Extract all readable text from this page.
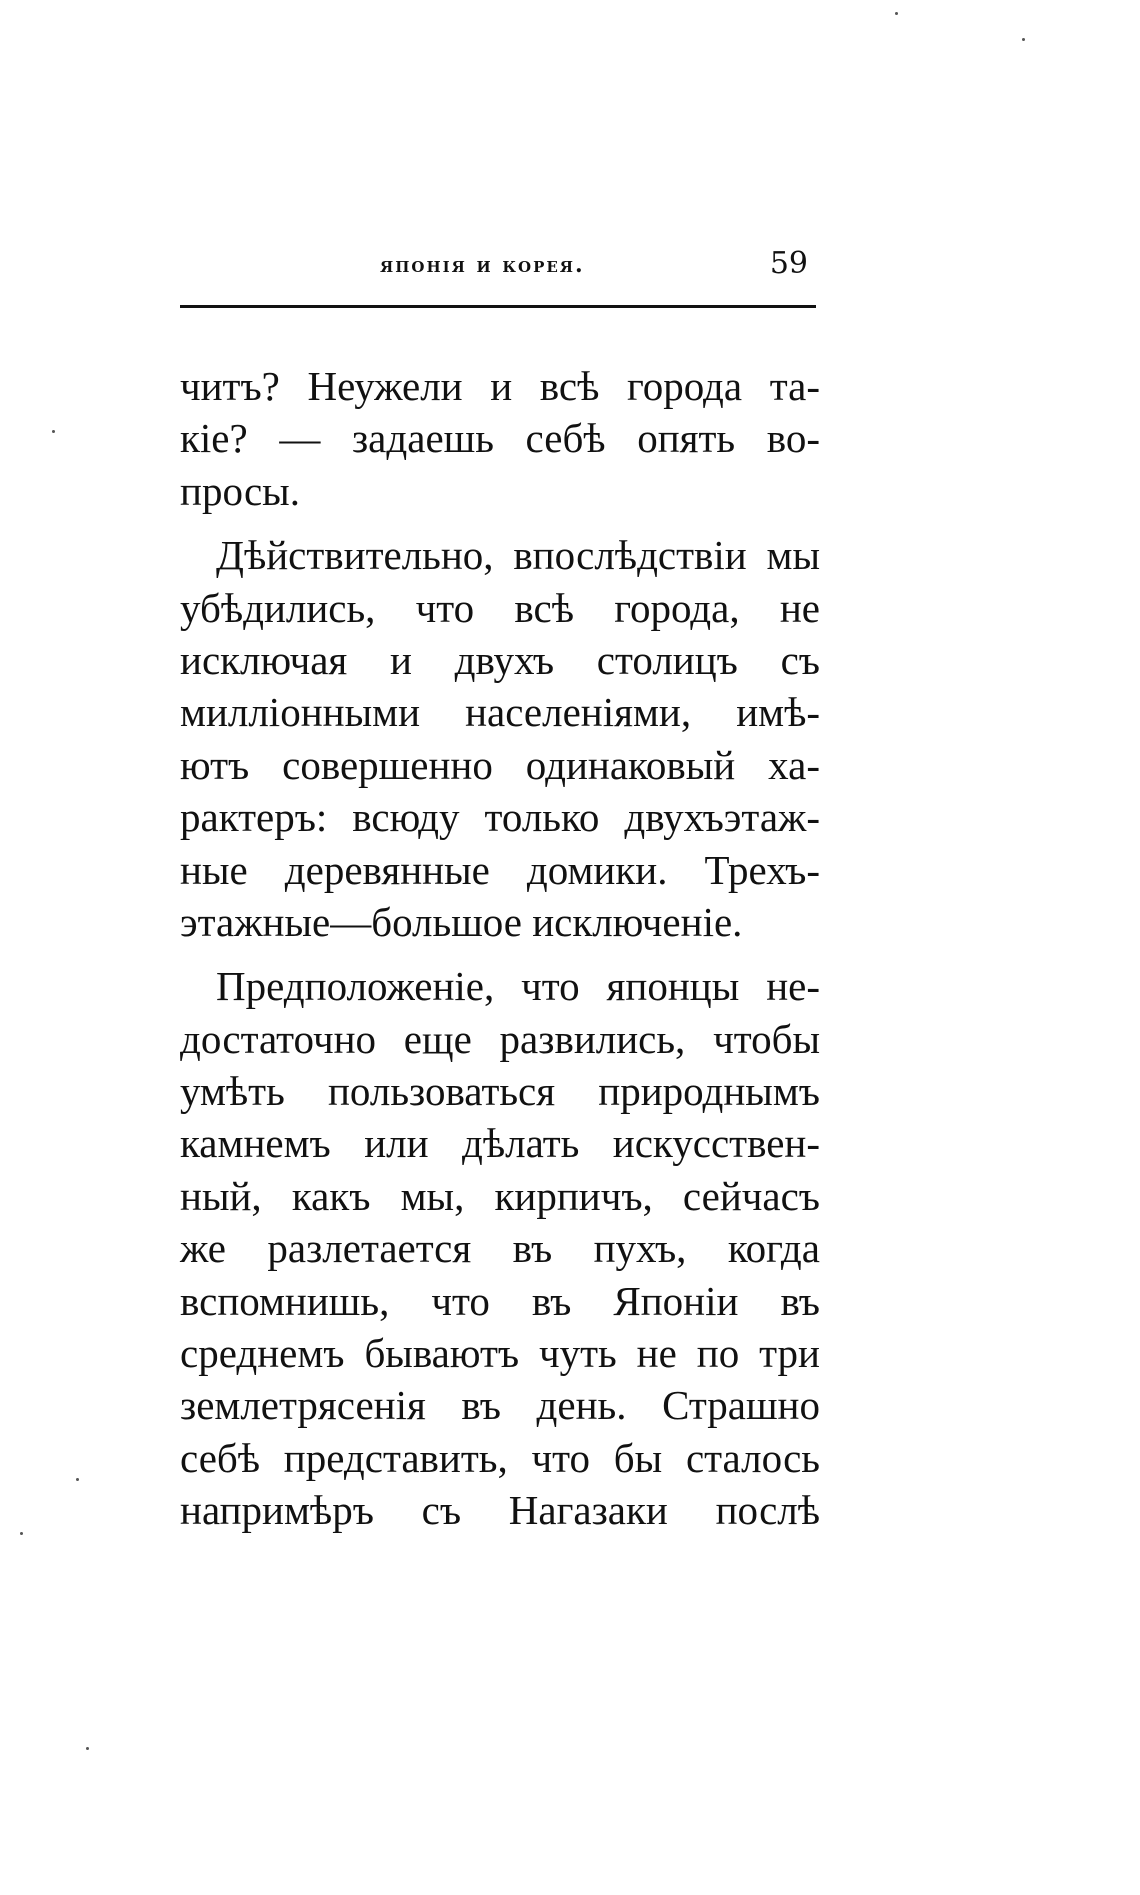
японія и корея.	59
читъ? Неужели и всѣ города та-
кіе? — задаешь себѣ опять во-
просы.
Дѣйствительно, впослѣдствіи мы
убѣдились, что всѣ города, не
исключая и двухъ столицъ съ
милліонными населеніями, имѣ-
ютъ совершенно одинаковый ха-
рактеръ: всюду только двухъэтаж-
ные деревянные домики. Трехъ-
этажные—большое исключеніе.
Предположеніе, что японцы не-
достаточно еще развились, чтобы
умѣть пользоваться природнымъ
камнемъ или дѣлать искусствен-
ный, какъ мы, кирпичъ, сейчасъ
же разлетается въ пухъ, когда
вспомнишь, что въ Японіи въ
среднемъ бываютъ чуть не по три
землетрясенія въ день. Страшно
себѣ представить, что бы сталось
напримѣръ съ Нагазаки послѣ
